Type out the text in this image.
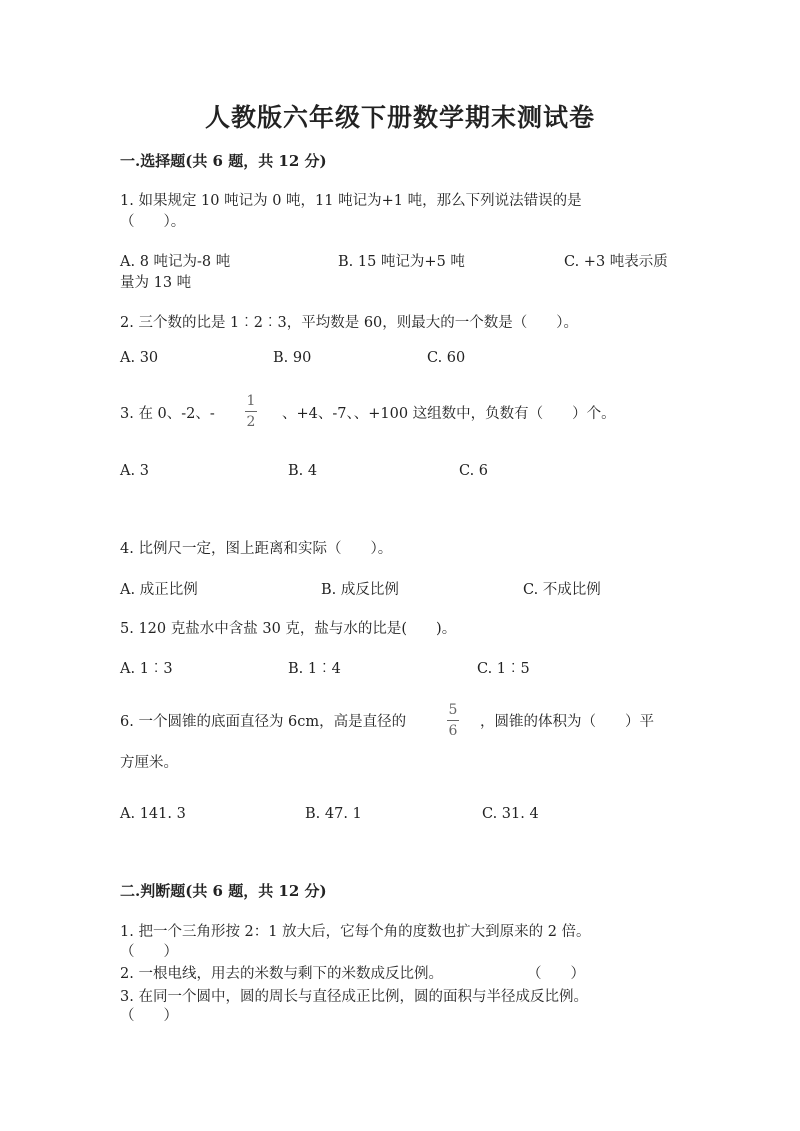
人教版六年级下册数学期末测试卷
一.选择题(共 6 题，共 12 分)
1. 如果规定 10 吨记为 0 吨，11 吨记为+1 吨，那么下列说法错误的是
（　　）。
A. 8 吨记为-8 吨	B. 15 吨记为+5 吨	C. +3 吨表示质
量为 13 吨
2. 三个数的比是 1︰2︰3，平均数是 60，则最大的一个数是（　　）。
A. 30	B. 90	C. 60
3. 在 0、-2、-
1
2 、+4、-7、、+100 这组数中，负数有（　　）个。
A. 3	B. 4	C. 6
4. 比例尺一定，图上距离和实际（　　）。
A. 成正比例	B. 成反比例	C. 不成比例
5. 120 克盐水中含盐 30 克，盐与水的比是(　　)。
A. 1︰3	B. 1︰4	C. 1︰5
6. 一个圆锥的底面直径为 6cm，高是直径的
5
6
，圆锥的体积为（　　）平
方厘米。
A. 141. 3	B. 47. 1	C. 31. 4
二.判断题(共 6 题，共 12 分)
1. 把一个三角形按 2：1 放大后，它每个角的度数也扩大到原来的 2 倍。
（　　）
2. 一根电线，用去的米数与剩下的米数成反比例。	（　　）
3. 在同一个圆中，圆的周长与直径成正比例，圆的面积与半径成反比例。
（　　）
